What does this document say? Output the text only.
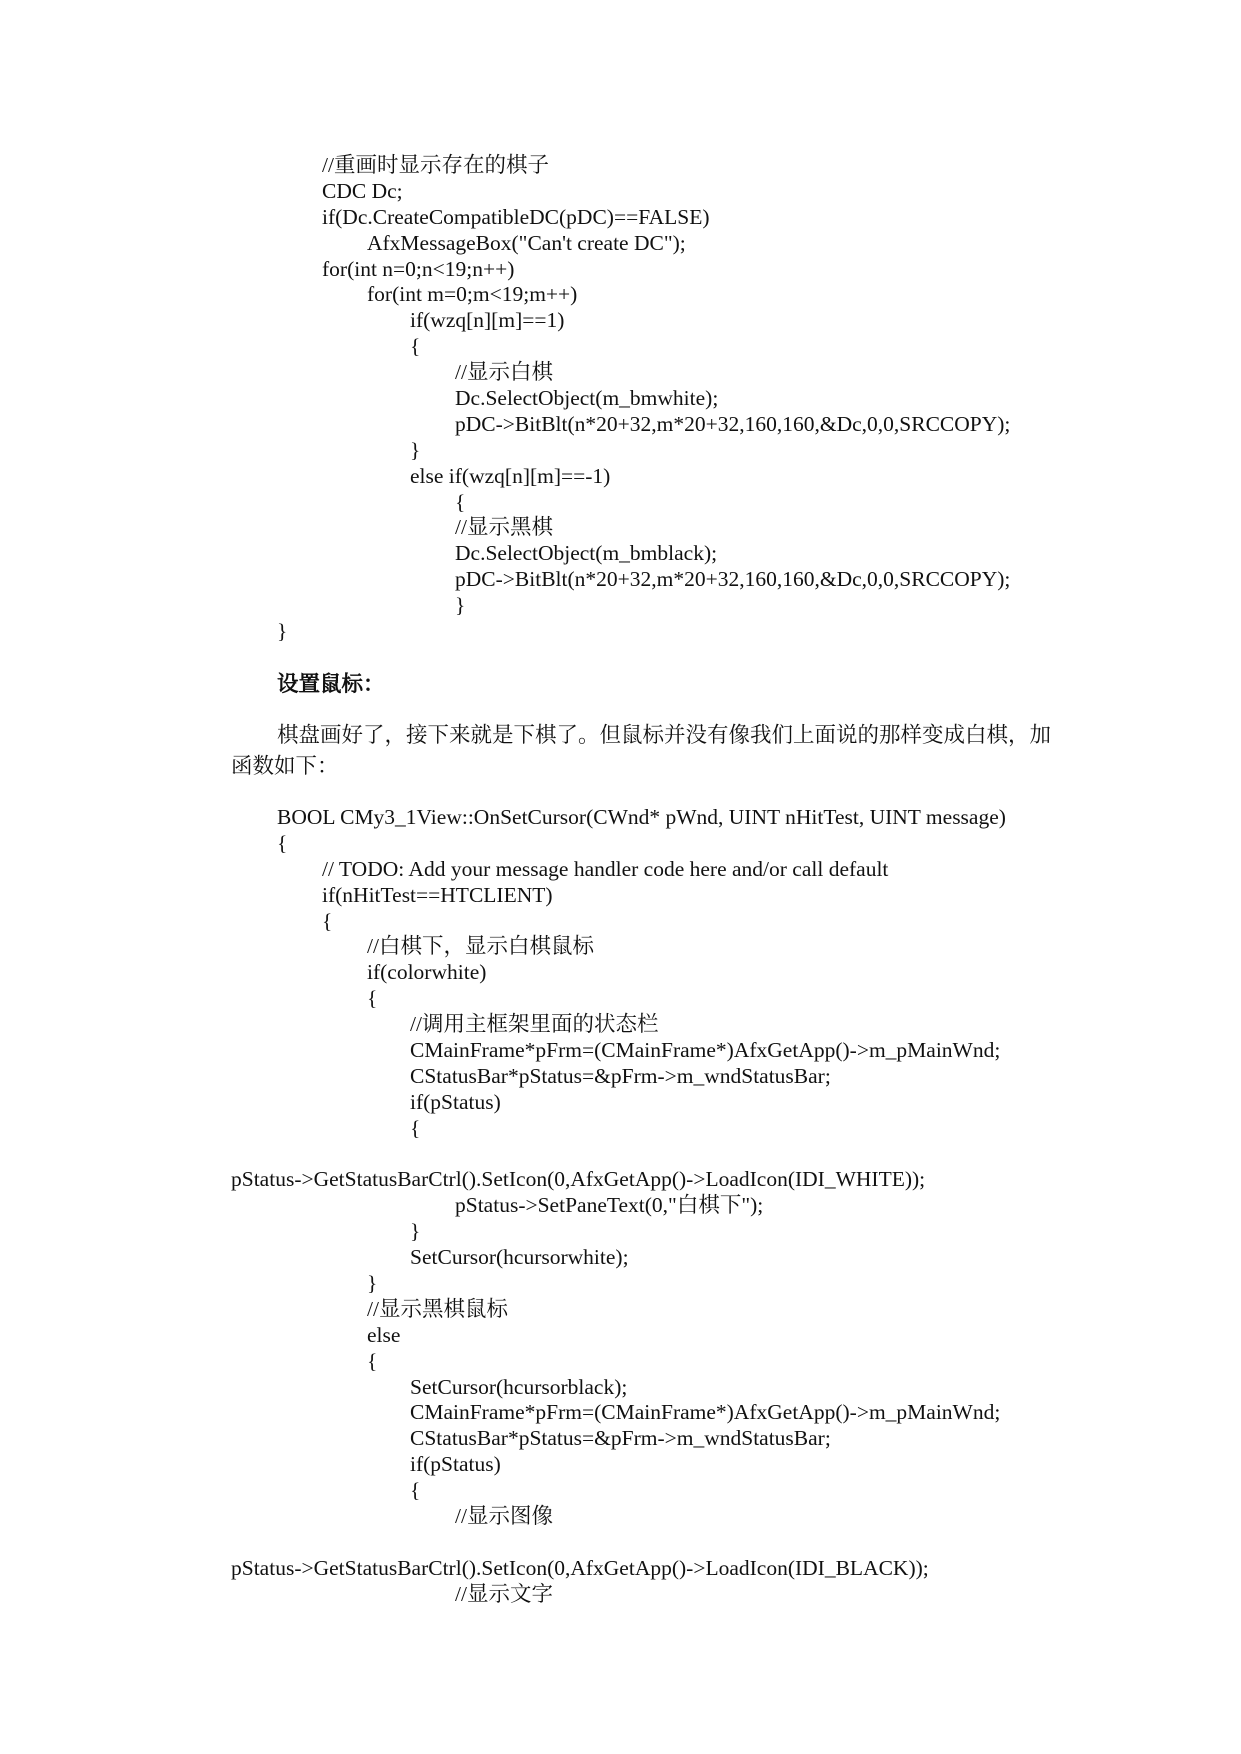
//重画时显示存在的棋子
CDC Dc;
if(Dc.CreateCompatibleDC(pDC)==FALSE)
AfxMessageBox("Can't create DC");
for(int n=0;n<19;n++)
for(int m=0;m<19;m++)
if(wzq[n][m]==1)
{
//显示白棋
Dc.SelectObject(m_bmwhite);
pDC->BitBlt(n*20+32,m*20+32,160,160,&Dc,0,0,SRCCOPY);
}
else if(wzq[n][m]==-1)
{
//显示黑棋
Dc.SelectObject(m_bmblack);
pDC->BitBlt(n*20+32,m*20+32,160,160,&Dc,0,0,SRCCOPY);
}
}
设置鼠标：
棋盘画好了，接下来就是下棋了。但鼠标并没有像我们上面说的那样变成白棋，加
函数如下：
BOOL CMy3_1View::OnSetCursor(CWnd* pWnd, UINT nHitTest, UINT message)
{
// TODO: Add your message handler code here and/or call default
if(nHitTest==HTCLIENT)
{
//白棋下，显示白棋鼠标
if(colorwhite)
{
//调用主框架里面的状态栏
CMainFrame*pFrm=(CMainFrame*)AfxGetApp()->m_pMainWnd;
CStatusBar*pStatus=&pFrm->m_wndStatusBar;
if(pStatus)
{
pStatus->GetStatusBarCtrl().SetIcon(0,AfxGetApp()->LoadIcon(IDI_WHITE));
pStatus->SetPaneText(0,"白棋下");
}
SetCursor(hcursorwhite);
}
//显示黑棋鼠标
else
{
SetCursor(hcursorblack);
CMainFrame*pFrm=(CMainFrame*)AfxGetApp()->m_pMainWnd;
CStatusBar*pStatus=&pFrm->m_wndStatusBar;
if(pStatus)
{
//显示图像
pStatus->GetStatusBarCtrl().SetIcon(0,AfxGetApp()->LoadIcon(IDI_BLACK));
//显示文字
